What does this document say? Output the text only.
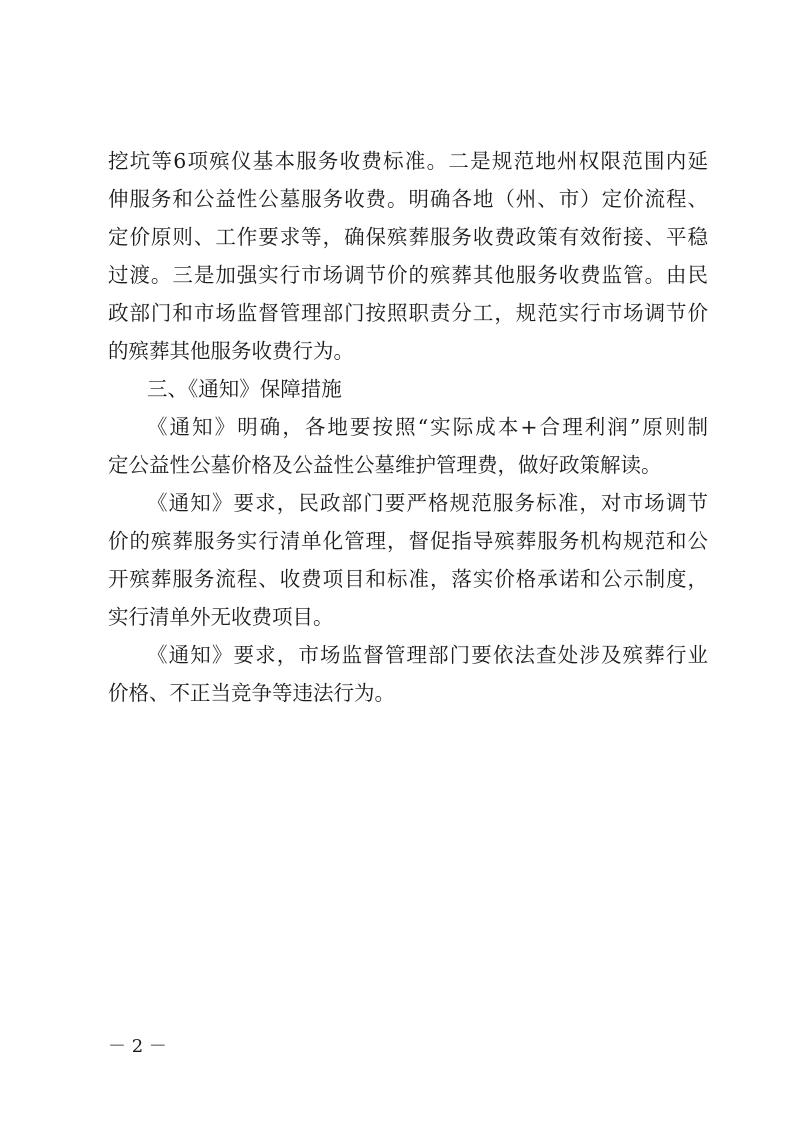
挖坑等6项殡仪基本服务收费标准。二是规范地州权限范围内延
伸服务和公益性公墓服务收费。明确各地（州、市）定价流程、
定价原则、工作要求等，确保殡葬服务收费政策有效衔接、平稳
过渡。三是加强实行市场调节价的殡葬其他服务收费监管。由民
政部门和市场监督管理部门按照职责分工，规范实行市场调节价
的殡葬其他服务收费行为。
三、《通知》保障措施
《通知》明确，各地要按照“实际成本+合理利润”原则制
定公益性公墓价格及公益性公墓维护管理费，做好政策解读。
《通知》要求，民政部门要严格规范服务标准，对市场调节
价的殡葬服务实行清单化管理，督促指导殡葬服务机构规范和公
开殡葬服务流程、收费项目和标准，落实价格承诺和公示制度，
实行清单外无收费项目。
《通知》要求，市场监督管理部门要依法查处涉及殡葬行业
价格、不正当竞争等违法行为。
－ 2 －
